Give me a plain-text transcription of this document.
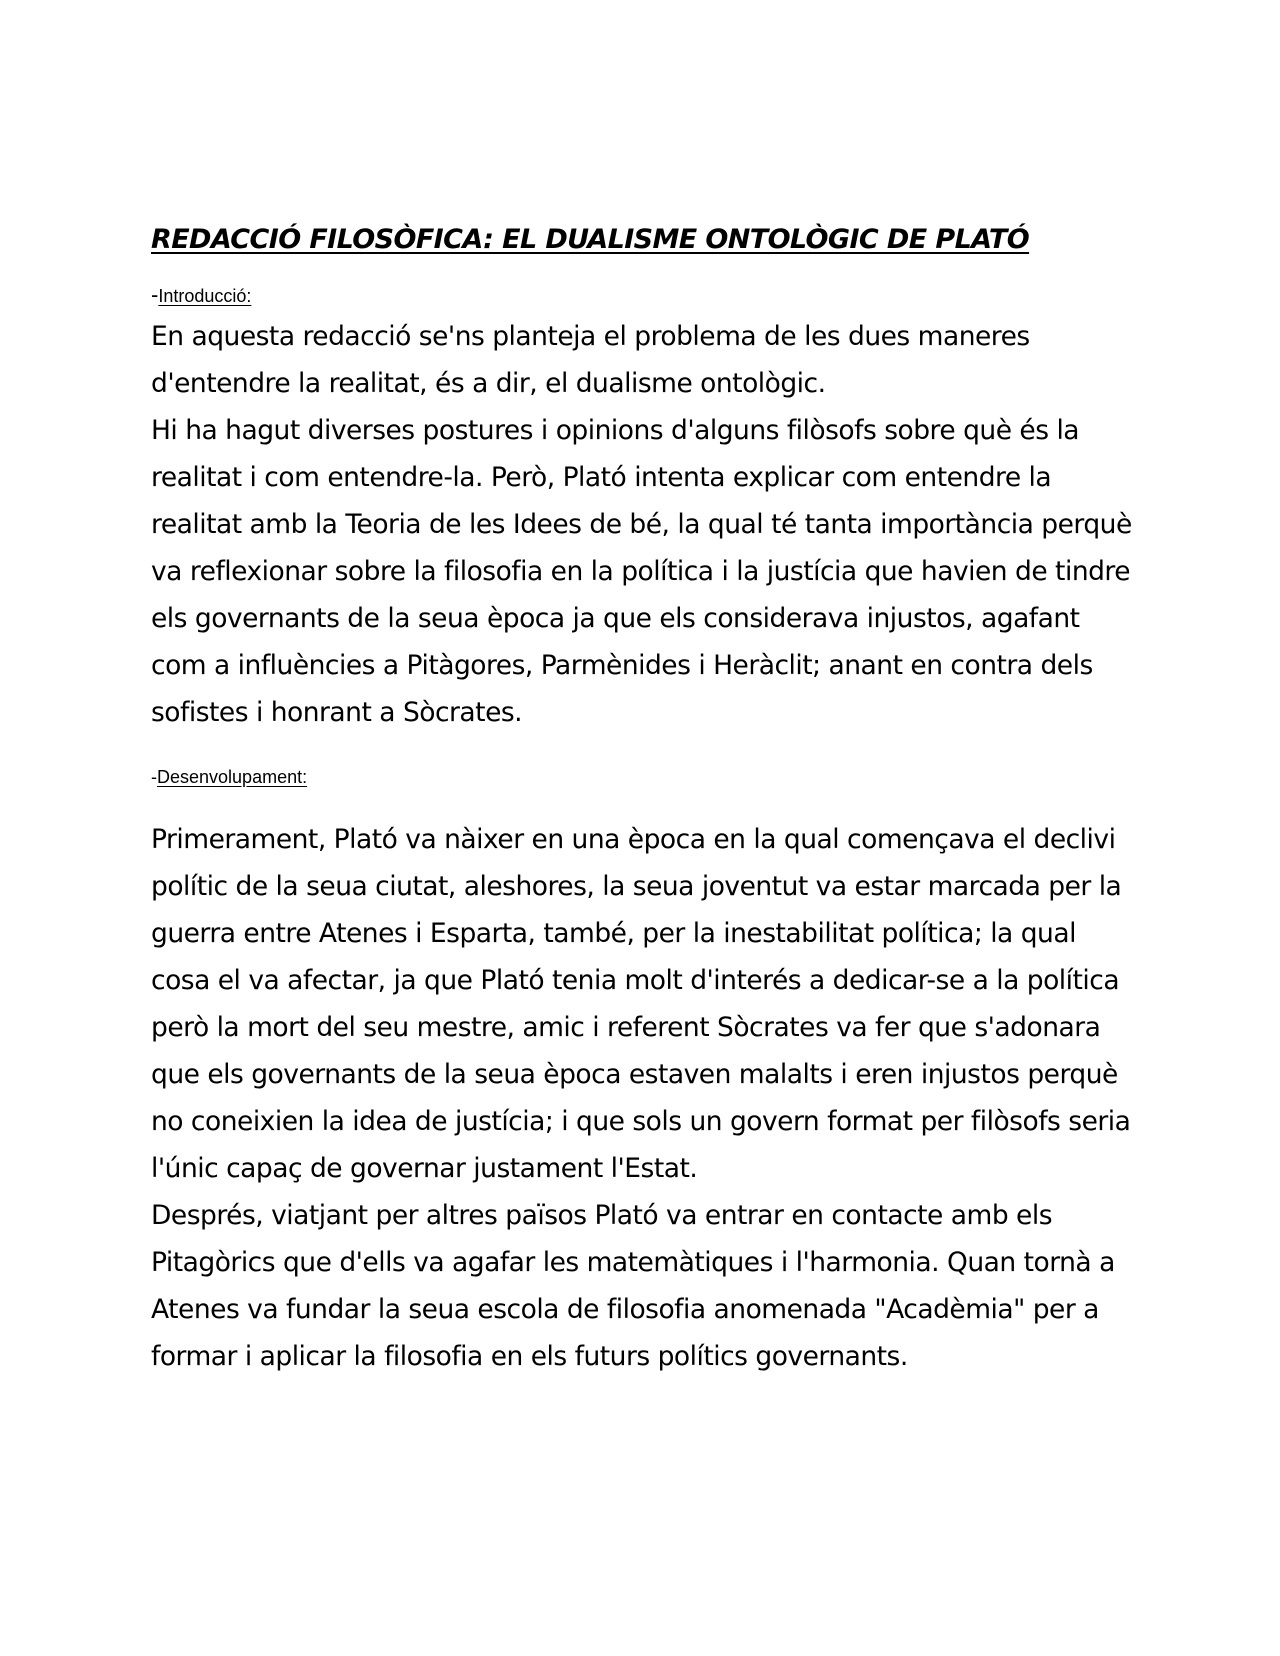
REDACCIÓ FILOSÒFICA: EL DUALISME ONTOLÒGIC DE PLATÓ
-Introducció:

En aquesta redacció se'ns planteja el problema de les dues maneres d'entendre la realitat, és a dir, el dualisme ontològic.

Hi ha hagut diverses postures i opinions d'alguns filòsofs sobre què és la realitat i com entendre-la. Però, Plató intenta explicar com entendre la realitat amb la Teoria de les Idees de bé, la qual té tanta importància perquè va reflexionar sobre la filosofia en la política i la justícia que havien de tindre els governants de la seua època ja que els considerava injustos, agafant com a influències a Pitàgores, Parmènides i Heràclit; anant en contra dels sofistes i honrant a Sòcrates.

-Desenvolupament:

Primerament, Plató va nàixer en una època en la qual començava el declivi polític de la seua ciutat, aleshores, la seua joventut va estar marcada per la guerra entre Atenes i Esparta, també, per la inestabilitat política; la qual cosa el va afectar, ja que Plató tenia molt d'interés a dedicar-se a la política però la mort del seu mestre, amic i referent Sòcrates va fer que s'adonara que els governants de la seua època estaven malalts i eren injustos perquè no coneixien la idea de justícia; i que sols un govern format per filòsofs seria l'únic capaç de governar justament l'Estat.

Després, viatjant per altres països Plató va entrar en contacte amb els Pitagòrics que d'ells va agafar les matemàtiques i l'harmonia. Quan tornà a Atenes va fundar la seua escola de filosofia anomenada "Acadèmia" per a formar i aplicar la filosofia en els futurs polítics governants.
